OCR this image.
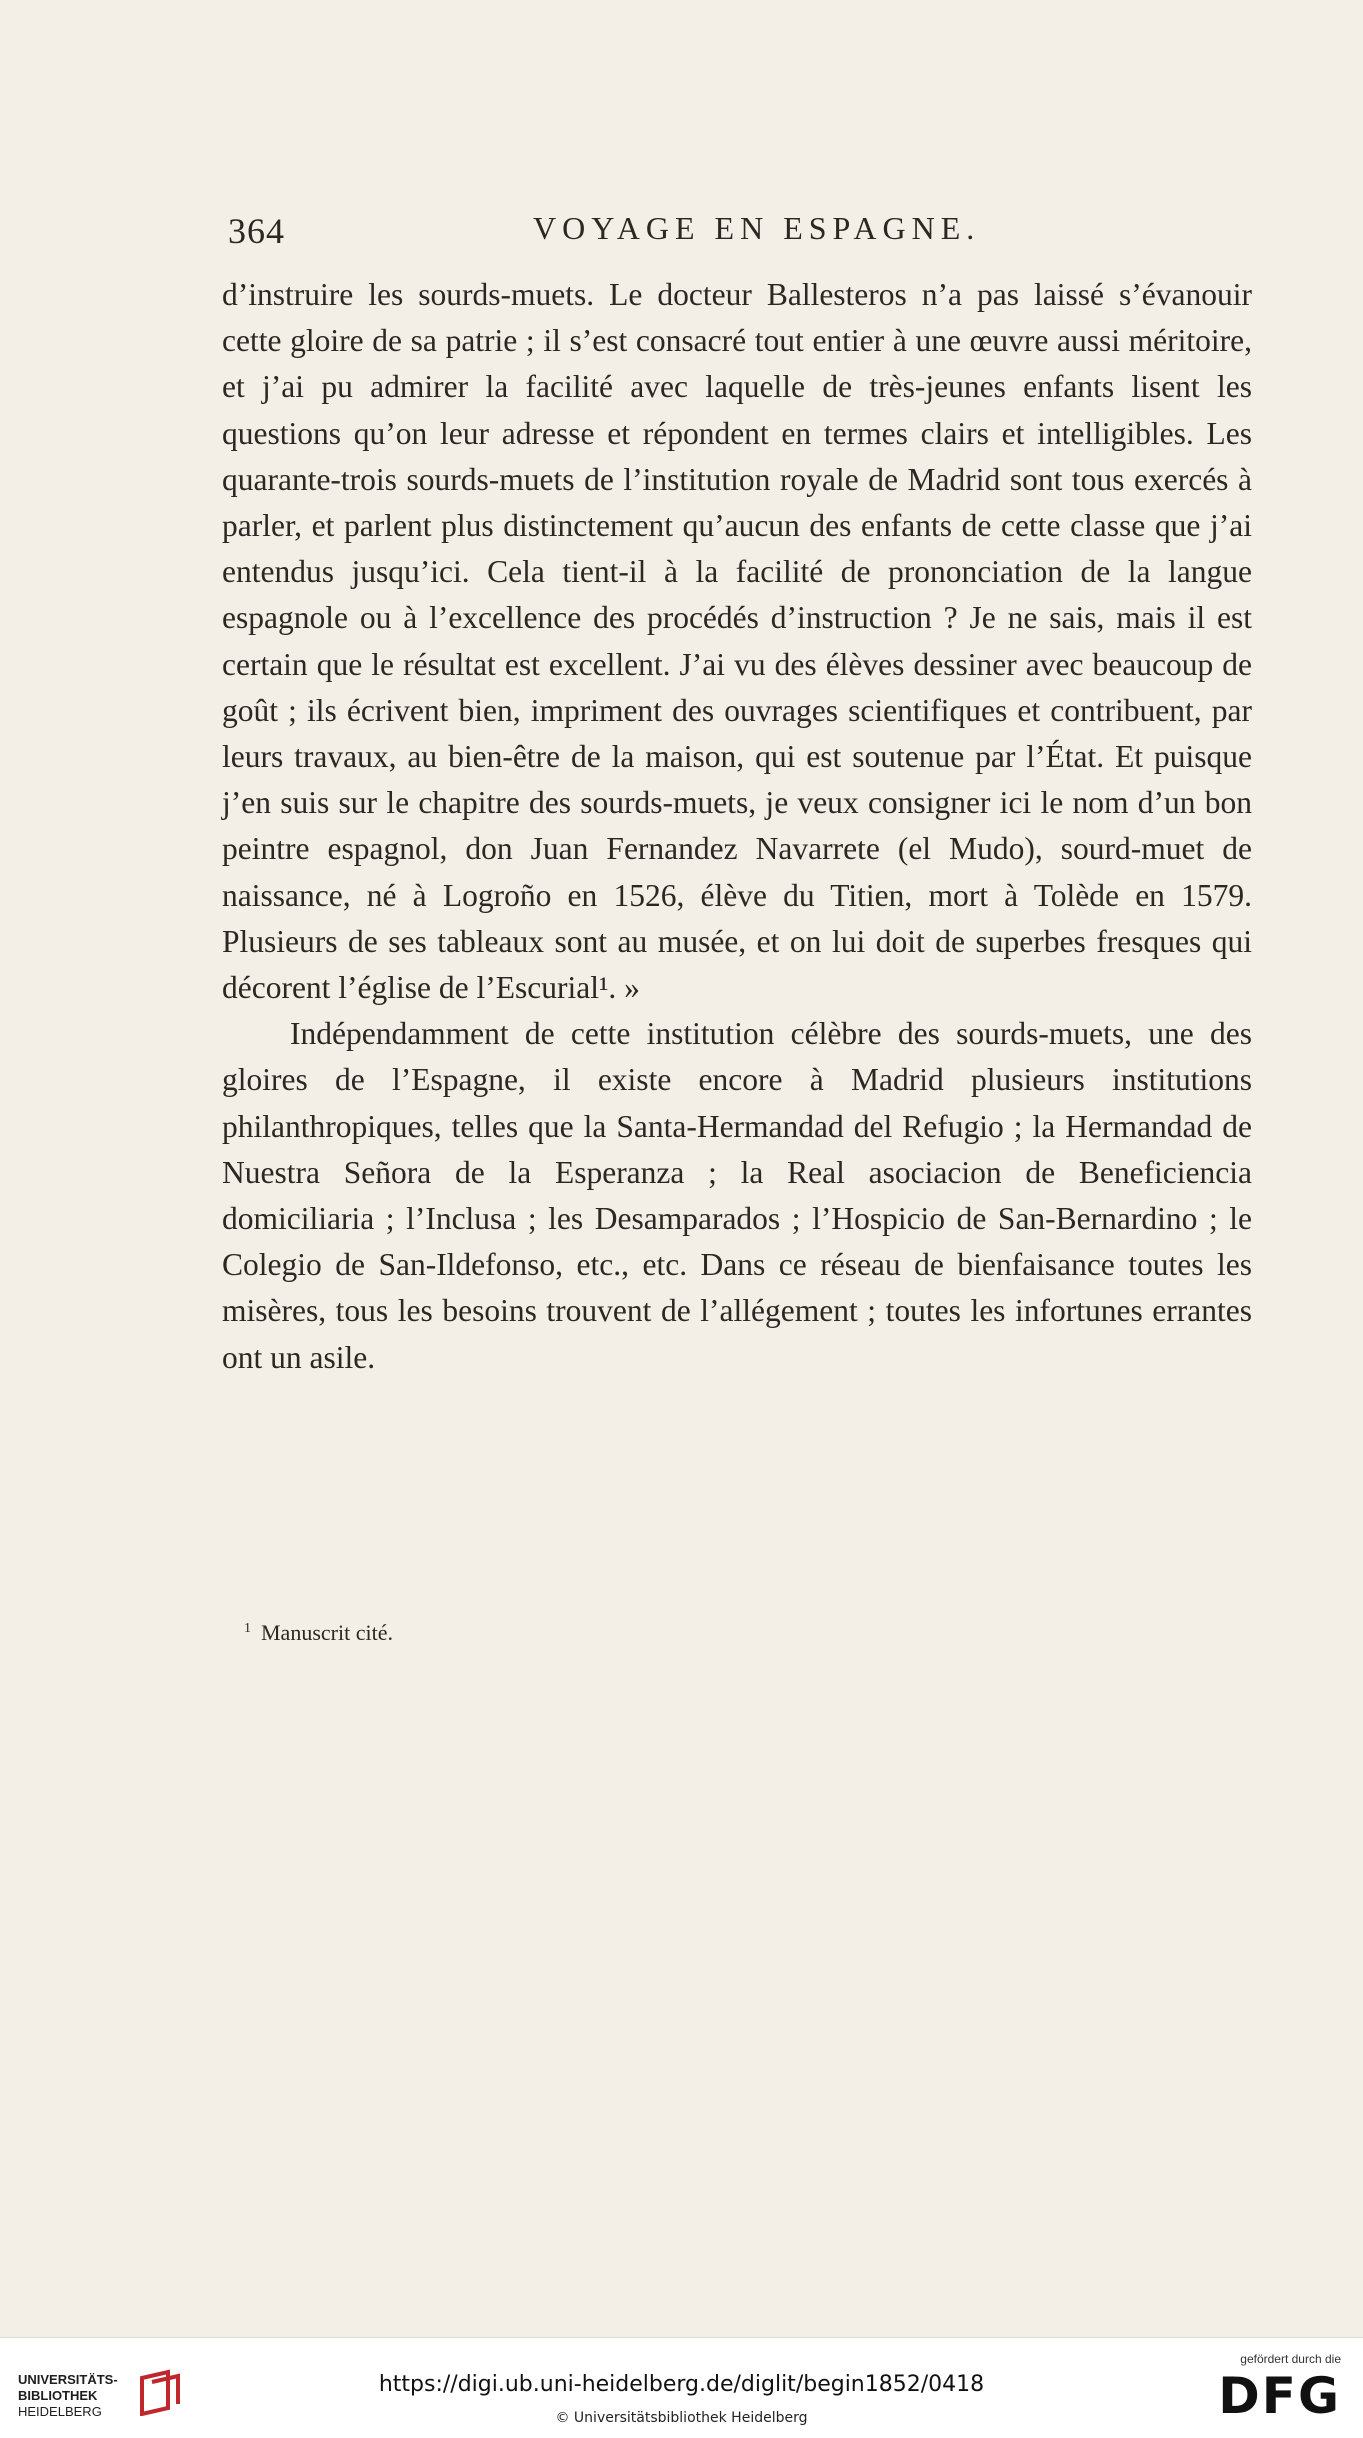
364	VOYAGE EN ESPAGNE.

d’instruire les sourds-muets. Le docteur Ballesteros n’a pas laissé s’évanouir cette gloire de sa patrie ; il s’est consacré tout entier à une œuvre aussi méritoire, et j’ai pu admirer la facilité avec laquelle de très-jeunes enfants lisent les questions qu’on leur adresse et répondent en termes clairs et intelligibles. Les quarante-trois sourds-muets de l’institution royale de Madrid sont tous exercés à parler, et parlent plus distinctement qu’aucun des enfants de cette classe que j’ai entendus jusqu’ici. Cela tient-il à la facilité de prononciation de la langue espagnole ou à l’excellence des procédés d’instruction ? Je ne sais, mais il est certain que le résultat est excellent. J’ai vu des élèves dessiner avec beaucoup de goût ; ils écrivent bien, impriment des ouvrages scientifiques et contribuent, par leurs travaux, au bien-être de la maison, qui est soutenue par l’État. Et puisque j’en suis sur le chapitre des sourds-muets, je veux consigner ici le nom d’un bon peintre espagnol, don Juan Fernandez Navarrete (el Mudo), sourd-muet de naissance, né à Logroño en 1526, élève du Titien, mort à Tolède en 1579. Plusieurs de ses tableaux sont au musée, et on lui doit de superbes fresques qui décorent l’église de l’Escurial¹. »

Indépendamment de cette institution célèbre des sourds-muets, une des gloires de l’Espagne, il existe encore à Madrid plusieurs institutions philanthropiques, telles que la Santa-Hermandad del Refugio ; la Hermandad de Nuestra Señora de la Esperanza ; la Real asociacion de Beneficiencia domiciliaria ; l’Inclusa ; les Desamparados ; l’Hospicio de San-Bernardino ; le Colegio de San-Ildefonso, etc., etc. Dans ce réseau de bienfaisance toutes les misères, tous les besoins trouvent de l’allégement ; toutes les infortunes errantes ont un asile.

$^1$ Manuscrit cité.
UNIVERSITÄTS-
BIBLIOTHEK
HEIDELBERG
https://digi.ub.uni-heidelberg.de/diglit/begin1852/0418
© Universitätsbibliothek Heidelberg
gefördert durch die
DFG
